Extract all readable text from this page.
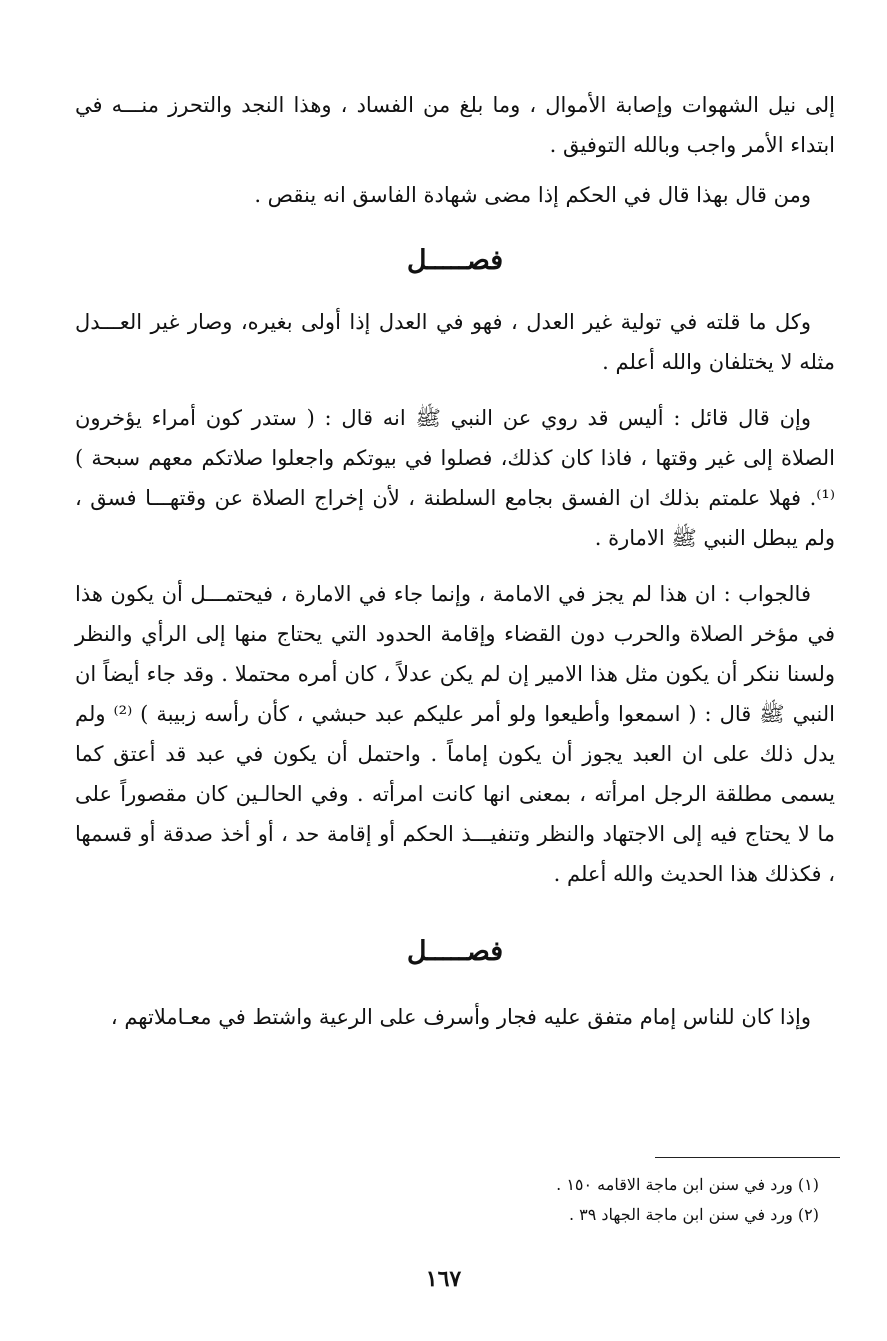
إلى نيل الشهوات وإصابة الأموال ، وما بلغ من الفساد ، وهذا النجد والتحرز منـــه في ابتداء الأمر واجب وبالله التوفيق .

ومن قال بهذا قال في الحكم إذا مضى شهادة الفاسق انه ينقص .

فصـــــل

وكل ما قلته في تولية غير العدل ، فهو في العدل إذا أولى بغيره، وصار غير العـــدل مثله لا يختلفان والله أعلم .

وإن قال قائل : أليس قد روي عن النبي ﷺ انه قال : ( ستدر كون أمراء يؤخرون الصلاة إلى غير وقتها ، فاذا كان كذلك، فصلوا في بيوتكم واجعلوا صلاتكم معهم سبحة )⁽¹⁾. فهلا علمتم بذلك ان الفسق بجامع السلطنة ، لأن إخراج الصلاة عن وقتهـــا فسق ، ولم يبطل النبي ﷺ الامارة .

فالجواب : ان هذا لم يجز في الامامة ، وإنما جاء في الامارة ، فيحتمـــل أن يكون هذا في مؤخر الصلاة والحرب دون القضاء وإقامة الحدود التي يحتاج منها إلى الرأي والنظر ولسنا ننكر أن يكون مثل هذا الامير إن لم يكن عدلاً ، كان أمره محتملا . وقد جاء أيضاً ان النبي ﷺ قال : ( اسمعوا وأطيعوا ولو أمر عليكم عبد حبشي ، كأن رأسه زبيبة ) ⁽²⁾ ولم يدل ذلك على ان العبد يجوز أن يكون إماماً . واحتمل أن يكون في عبد قد أعتق كما يسمى مطلقة الرجل امرأته ، بمعنى انها كانت امرأته . وفي الحالـين كان مقصوراً على ما لا يحتاج فيه إلى الاجتهاد والنظر وتنفيـــذ الحكم أو إقامة حد ، أو أخذ صدقة أو قسمها ، فكذلك هذا الحديث والله أعلم .

فصـــــل

وإذا كان للناس إمام متفق عليه فجار وأسرف على الرعية واشتط في معـاملاتهم ،

(١) ورد في سنن ابن ماجة الاقامه ١٥٠ .

(٢) ورد في سنن ابن ماجة الجهاد ٣٩ .

١٦٧
